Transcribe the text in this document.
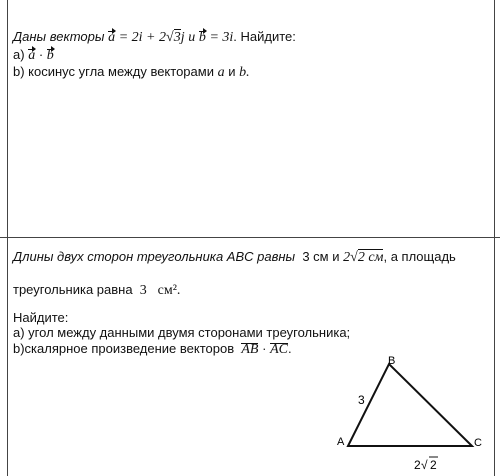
Даны векторы a = 2i + 2√3j и b = 3i. Найдите:
a) a · b
b) косинус угла между векторами a и b.
Длины двух сторон треугольника ABC равны 3 см и 2√2 см, а площадь
треугольника равна 3 см².
Найдите:
а) угол между данными двумя сторонами треугольника;
b)скалярное произведение векторов AB · AC.
A
B
C
3
2 √ 2
